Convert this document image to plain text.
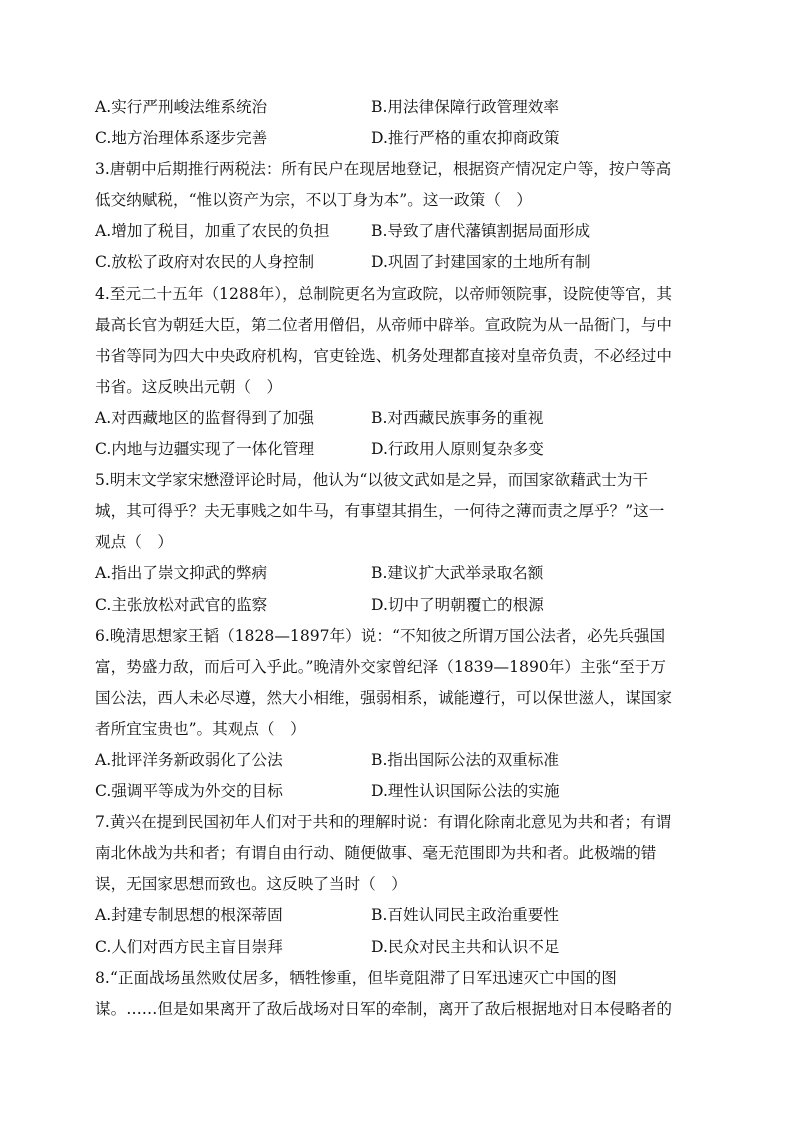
A.实行严刑峻法维系统治	B.用法律保障行政管理效率
C.地方治理体系逐步完善	D.推行严格的重农抑商政策
3.唐朝中后期推行两税法：所有民户在现居地登记，根据资产情况定户等，按户等高
低交纳赋税，“惟以资产为宗，不以丁身为本”。这一政策（　）
A.增加了税目，加重了农民的负担	B.导致了唐代藩镇割据局面形成
C.放松了政府对农民的人身控制	D.巩固了封建国家的土地所有制
4.至元二十五年（1288年），总制院更名为宣政院，以帝师领院事，设院使等官，其
最高长官为朝廷大臣，第二位者用僧侣，从帝师中辟举。宣政院为从一品衙门，与中
书省等同为四大中央政府机构，官吏铨选、机务处理都直接对皇帝负责，不必经过中
书省。这反映出元朝（　）
A.对西藏地区的监督得到了加强	B.对西藏民族事务的重视
C.内地与边疆实现了一体化管理	D.行政用人原则复杂多变
5.明末文学家宋懋澄评论时局，他认为“以彼文武如是之异，而国家欲藉武士为干
城，其可得乎？夫无事贱之如牛马，有事望其捐生，一何待之薄而责之厚乎？”这一
观点（　）
A.指出了崇文抑武的弊病	B.建议扩大武举录取名额
C.主张放松对武官的监察	D.切中了明朝覆亡的根源
6.晚清思想家王韬（1828—1897年）说：“不知彼之所谓万国公法者，必先兵强国
富，势盛力敌，而后可入乎此。”晚清外交家曾纪泽（1839—1890年）主张“至于万
国公法，西人未必尽遵，然大小相维，强弱相系，诚能遵行，可以保世滋人，谋国家
者所宜宝贵也”。其观点（　）
A.批评洋务新政弱化了公法	B.指出国际公法的双重标准
C.强调平等成为外交的目标	D.理性认识国际公法的实施
7.黄兴在提到民国初年人们对于共和的理解时说：有谓化除南北意见为共和者；有谓
南北休战为共和者；有谓自由行动、随便做事、毫无范围即为共和者。此极端的错
误，无国家思想而致也。这反映了当时（　）
A.封建专制思想的根深蒂固	B.百姓认同民主政治重要性
C.人们对西方民主盲目崇拜	D.民众对民主共和认识不足
8.“正面战场虽然败仗居多，牺牲惨重，但毕竟阻滞了日军迅速灭亡中国的图
谋。……但是如果离开了敌后战场对日军的牵制，离开了敌后根据地对日本侵略者的
